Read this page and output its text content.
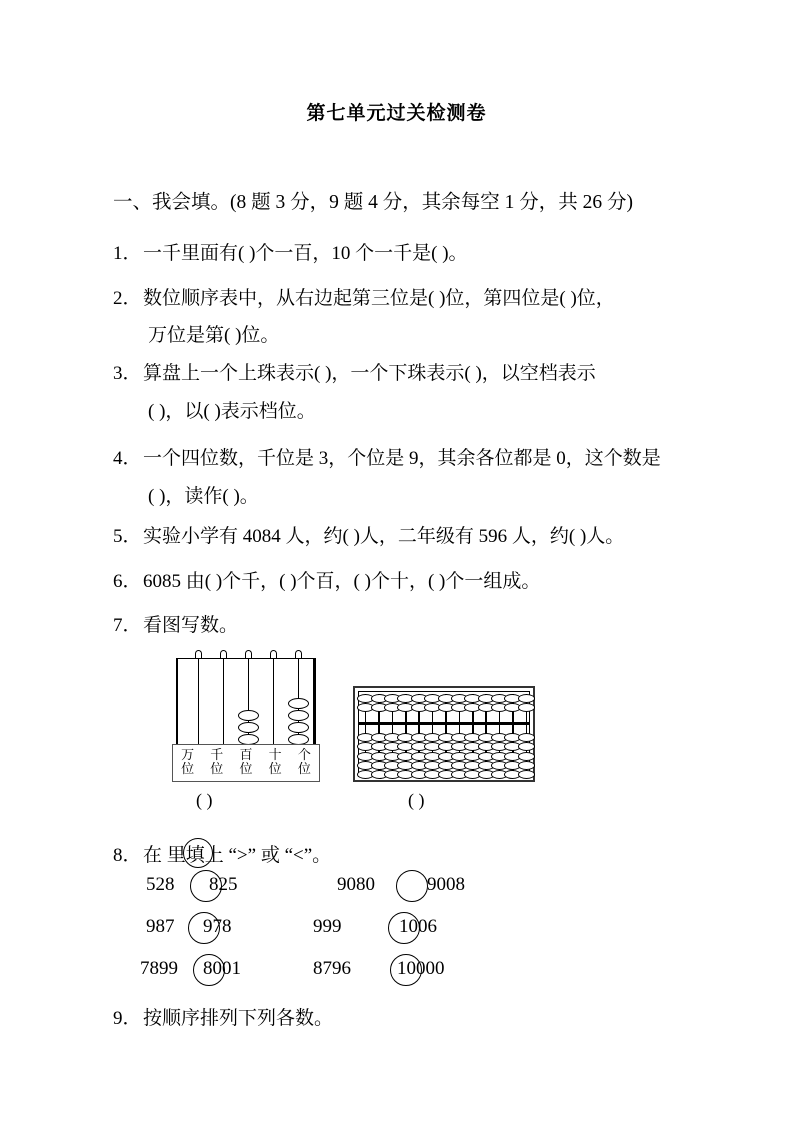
第七单元过关检测卷
一、我会填。(8 题 3 分，9 题 4 分，其余每空 1 分，共 26 分)
1．一千里面有( )个一百，10 个一千是( )。
2．数位顺序表中，从右边起第三位是( )位，第四位是( )位，
万位是第( )位。
3．算盘上一个上珠表示( )，一个下珠表示( )，以空档表示
( )，以( )表示档位。
4．一个四位数，千位是 3，个位是 9，其余各位都是 0，这个数是
( )，读作( )。
5．实验小学有 4084 人，约( )人，二年级有 596 人，约( )人。
6．6085 由( )个千，( )个百，( )个十，( )个一组成。
7．看图写数。
万
位
千
位
百
位
十
位
个
位
( )	( )
8．在 里填上 “>” 或 “<”。
528 825	9080	9008
987 978	999	1006
7899 8001	8796 10000
9．按顺序排列下列各数。
